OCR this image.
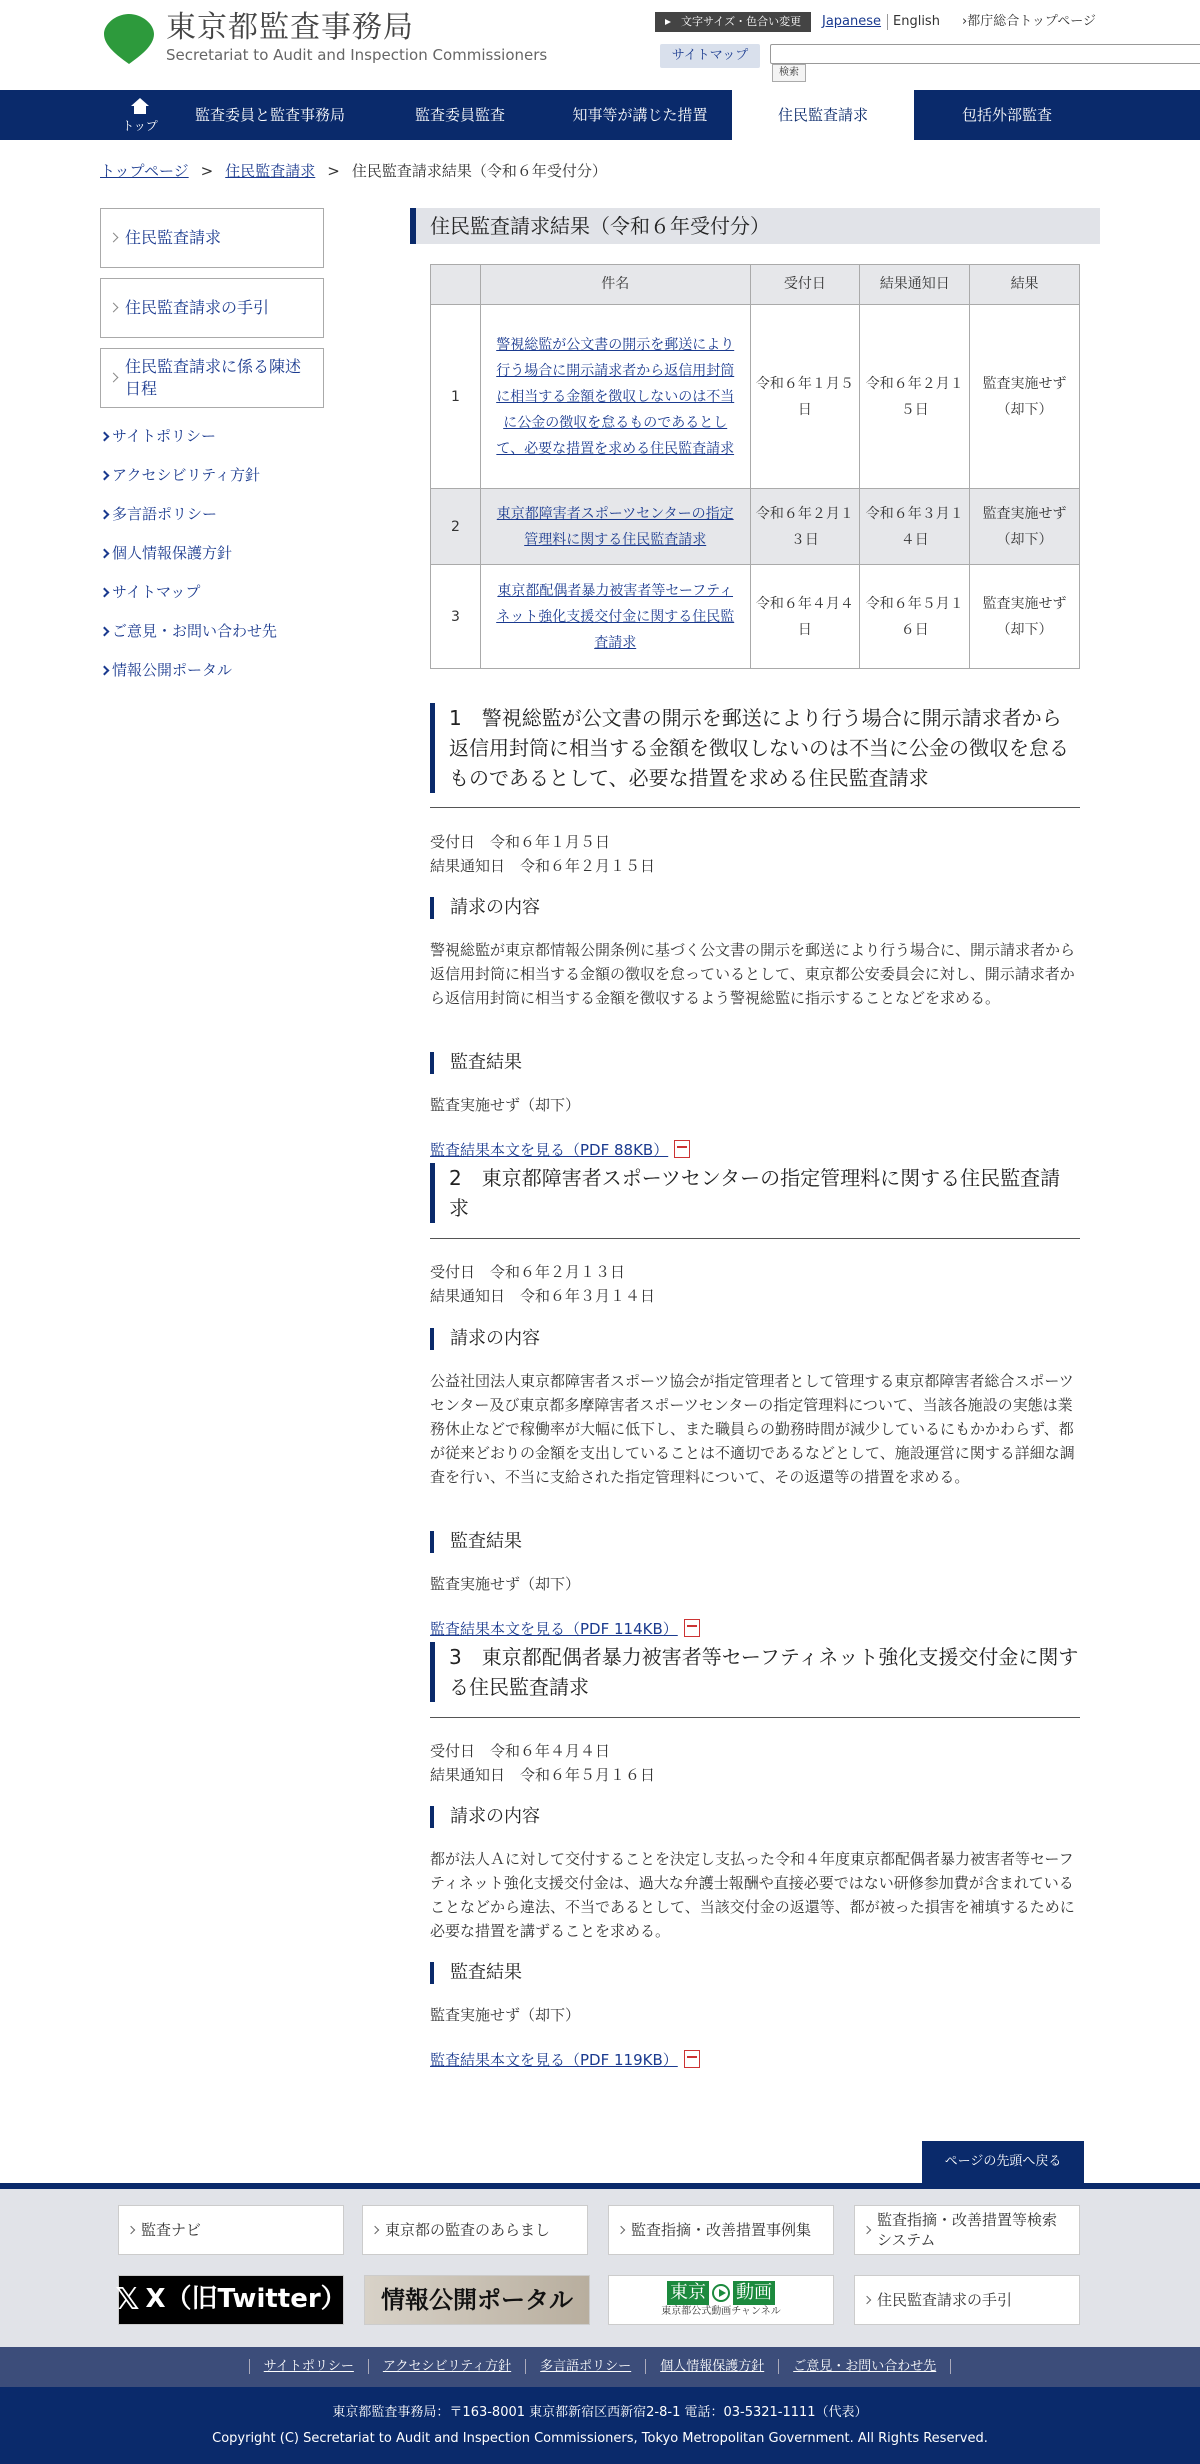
東京都監査事務局
Secretariat to Audit and Inspection Commissioners
文字サイズ・色合い変更	Japanese English ›都庁総合トップページ
サイトマップ
検索
トップ
監査委員と監査事務局	監査委員監査	知事等が講じた措置	住民監査請求	包括外部監査
トップページ > 住民監査請求 > 住民監査請求結果（令和６年受付分）
住民監査請求
住民監査請求の手引
住民監査請求に係る陳述日程
サイトポリシー
アクセシビリティ方針
多言語ポリシー
個人情報保護方針
サイトマップ
ご意見・お問い合わせ先
情報公開ポータル
住民監査請求結果（令和６年受付分）
	件名	受付日	結果通知日	結果
1	警視総監が公文書の開示を郵送により行う場合に開示請求者から返信用封筒に相当する金額を徴収しないのは不当に公金の徴収を怠るものであるとして、必要な措置を求める住民監査請求	令和６年１月５日	令和６年２月１５日	監査実施せず（却下）
2	東京都障害者スポーツセンターの指定管理料に関する住民監査請求	令和６年２月１３日	令和６年３月１４日	監査実施せず（却下）
3	東京都配偶者暴力被害者等セーフティネット強化支援交付金に関する住民監査請求	令和６年４月４日	令和６年５月１６日	監査実施せず（却下）
1　警視総監が公文書の開示を郵送により行う場合に開示請求者から返信用封筒に相当する金額を徴収しないのは不当に公金の徴収を怠るものであるとして、必要な措置を求める住民監査請求
受付日　令和６年１月５日
結果通知日　令和６年２月１５日
請求の内容
警視総監が東京都情報公開条例に基づく公文書の開示を郵送により行う場合に、開示請求者から返信用封筒に相当する金額の徴収を怠っているとして、東京都公安委員会に対し、開示請求者から返信用封筒に相当する金額を徴収するよう警視総監に指示することなどを求める。
監査結果
監査実施せず（却下）
監査結果本文を見る（PDF 88KB）
2　東京都障害者スポーツセンターの指定管理料に関する住民監査請求
受付日　令和６年２月１３日
結果通知日　令和６年３月１４日
請求の内容
公益社団法人東京都障害者スポーツ協会が指定管理者として管理する東京都障害者総合スポーツセンター及び東京都多摩障害者スポーツセンターの指定管理料について、当該各施設の実態は業務休止などで稼働率が大幅に低下し、また職員らの勤務時間が減少しているにもかかわらず、都が従来どおりの金額を支出していることは不適切であるなどとして、施設運営に関する詳細な調査を行い、不当に支給された指定管理料について、その返還等の措置を求める。
監査結果
監査実施せず（却下）
監査結果本文を見る（PDF 114KB）
3　東京都配偶者暴力被害者等セーフティネット強化支援交付金に関する住民監査請求
受付日　令和６年４月４日
結果通知日　令和６年５月１６日
請求の内容
都が法人Ａに対して交付することを決定し支払った令和４年度東京都配偶者暴力被害者等セーフティネット強化支援交付金は、過大な弁護士報酬や直接必要ではない研修参加費が含まれていることなどから違法、不当であるとして、当該交付金の返還等、都が被った損害を補填するために必要な措置を講ずることを求める。
監査結果
監査実施せず（却下）
監査結果本文を見る（PDF 119KB）
ページの先頭へ戻る
監査ナビ	東京都の監査のあらまし	監査指摘・改善措置事例集
監査指摘・改善措置等検索システム
𝕏 X（旧Twitter） 情報公開ポータル	東京 動画
東京都公式動画チャンネル
住民監査請求の手引
サイトポリシー アクセシビリティ方針 多言語ポリシー 個人情報保護方針 ご意見・お問い合わせ先
東京都監査事務局：〒163-8001 東京都新宿区西新宿2-8-1 電話：03-5321-1111（代表）
Copyright (C) Secretariat to Audit and Inspection Commissioners, Tokyo Metropolitan Government. All Rights Reserved.
